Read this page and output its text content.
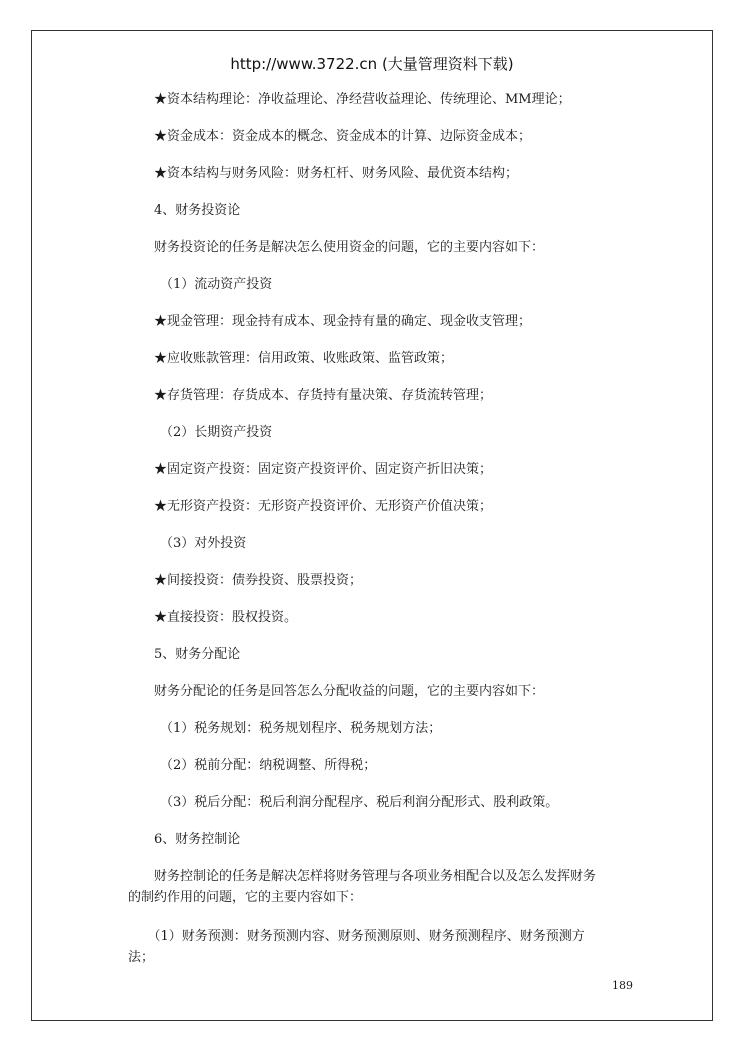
http://www.3722.cn (大量管理资料下载)
★资本结构理论：净收益理论、净经营收益理论、传统理论、MM理论；
★资金成本：资金成本的概念、资金成本的计算、边际资金成本；
★资本结构与财务风险：财务杠杆、财务风险、最优资本结构；
4、财务投资论
财务投资论的任务是解决怎么使用资金的问题，它的主要内容如下：
（1）流动资产投资
★现金管理：现金持有成本、现金持有量的确定、现金收支管理；
★应收账款管理：信用政策、收账政策、监管政策；
★存货管理：存货成本、存货持有量决策、存货流转管理；
（2）长期资产投资
★固定资产投资：固定资产投资评价、固定资产折旧决策；
★无形资产投资：无形资产投资评价、无形资产价值决策；
（3）对外投资
★间接投资：债券投资、股票投资；
★直接投资：股权投资。
5、财务分配论
财务分配论的任务是回答怎么分配收益的问题，它的主要内容如下：
（1）税务规划：税务规划程序、税务规划方法；
（2）税前分配：纳税调整、所得税；
（3）税后分配：税后利润分配程序、税后利润分配形式、股利政策。
6、财务控制论
　　财务控制论的任务是解决怎样将财务管理与各项业务相配合以及怎么发挥财务的制约作用的问题，它的主要内容如下：
　　（1）财务预测：财务预测内容、财务预测原则、财务预测程序、财务预测方法；
189
